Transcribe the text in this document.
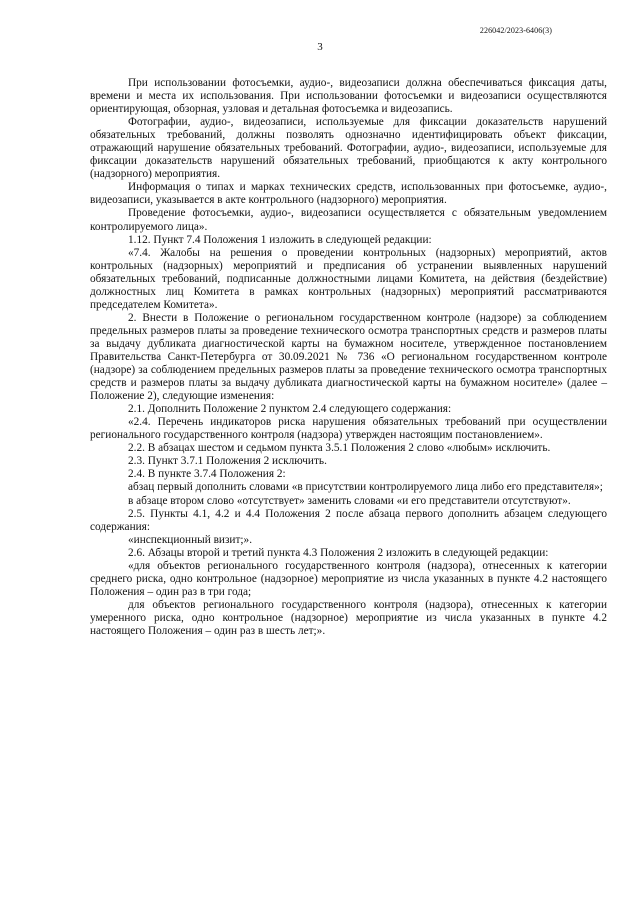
226042/2023-6406(3)
3

При использовании фотосъемки, аудио-, видеозаписи должна обеспечиваться фиксация даты, времени и места их использования. При использовании фотосъемки и видеозаписи осуществляются ориентирующая, обзорная, узловая и детальная фотосъемка и видеозапись.

Фотографии, аудио-, видеозаписи, используемые для фиксации доказательств нарушений обязательных требований, должны позволять однозначно идентифицировать объект фиксации, отражающий нарушение обязательных требований. Фотографии, аудио-, видеозаписи, используемые для фиксации доказательств нарушений обязательных требований, приобщаются к акту контрольного (надзорного) мероприятия.

Информация о типах и марках технических средств, использованных при фотосъемке, аудио-, видеозаписи, указывается в акте контрольного (надзорного) мероприятия.

Проведение фотосъемки, аудио-, видеозаписи осуществляется с обязательным уведомлением контролируемого лица».

1.12. Пункт 7.4 Положения 1 изложить в следующей редакции:

«7.4. Жалобы на решения о проведении контрольных (надзорных) мероприятий, актов контрольных (надзорных) мероприятий и предписания об устранении выявленных нарушений обязательных требований, подписанные должностными лицами Комитета, на действия (бездействие) должностных лиц Комитета в рамках контрольных (надзорных) мероприятий рассматриваются председателем Комитета».

2. Внести в Положение о региональном государственном контроле (надзоре) за соблюдением предельных размеров платы за проведение технического осмотра транспортных средств и размеров платы за выдачу дубликата диагностической карты на бумажном носителе, утвержденное постановлением Правительства Санкт-Петербурга от 30.09.2021 № 736 «О региональном государственном контроле (надзоре) за соблюдением предельных размеров платы за проведение технического осмотра транспортных средств и размеров платы за выдачу дубликата диагностической карты на бумажном носителе» (далее – Положение 2), следующие изменения:

2.1. Дополнить Положение 2 пунктом 2.4 следующего содержания:

«2.4. Перечень индикаторов риска нарушения обязательных требований при осуществлении регионального государственного контроля (надзора) утвержден настоящим постановлением».

2.2. В абзацах шестом и седьмом пункта 3.5.1 Положения 2 слово «любым» исключить.

2.3. Пункт 3.7.1 Положения 2 исключить.

2.4. В пункте 3.7.4 Положения 2:

абзац первый дополнить словами «в присутствии контролируемого лица либо его представителя»;

в абзаце втором слово «отсутствует» заменить словами «и его представители отсутствуют».

2.5. Пункты 4.1, 4.2 и 4.4 Положения 2 после абзаца первого дополнить абзацем следующего содержания:

«инспекционный визит;».

2.6. Абзацы второй и третий пункта 4.3 Положения 2 изложить в следующей редакции:

«для объектов регионального государственного контроля (надзора), отнесенных к категории среднего риска, одно контрольное (надзорное) мероприятие из числа указанных в пункте 4.2 настоящего Положения – один раз в три года;

для объектов регионального государственного контроля (надзора), отнесенных к категории умеренного риска, одно контрольное (надзорное) мероприятие из числа указанных в пункте 4.2 настоящего Положения – один раз в шесть лет;».
